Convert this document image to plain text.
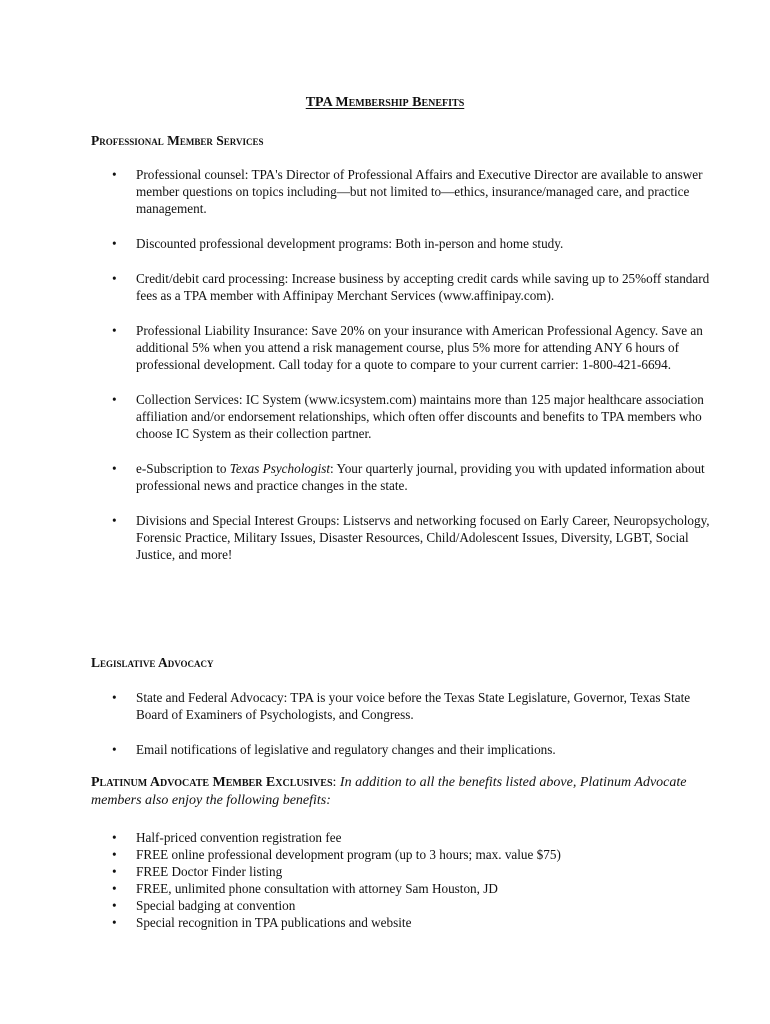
TPA Membership Benefits
Professional Member Services
• Professional counsel: TPA's Director of Professional Affairs and Executive Director are available to answer member questions on topics including—but not limited to—ethics, insurance/managed care, and practice management.
• Discounted professional development programs: Both in-person and home study.
• Credit/debit card processing: Increase business by accepting credit cards while saving up to 25%off standard fees as a TPA member with Affinipay Merchant Services (www.affinipay.com).
• Professional Liability Insurance: Save 20% on your insurance with American Professional Agency. Save an additional 5% when you attend a risk management course, plus 5% more for attending ANY 6 hours of professional development. Call today for a quote to compare to your current carrier: 1-800-421-6694.
• Collection Services: IC System (www.icsystem.com) maintains more than 125 major healthcare association affiliation and/or endorsement relationships, which often offer discounts and benefits to TPA members who choose IC System as their collection partner.
• e-Subscription to Texas Psychologist: Your quarterly journal, providing you with updated information about professional news and practice changes in the state.
• Divisions and Special Interest Groups: Listservs and networking focused on Early Career, Neuropsychology, Forensic Practice, Military Issues, Disaster Resources, Child/Adolescent Issues, Diversity, LGBT, Social Justice, and more!
Legislative Advocacy
• State and Federal Advocacy: TPA is your voice before the Texas State Legislature, Governor, Texas State Board of Examiners of Psychologists, and Congress.
• Email notifications of legislative and regulatory changes and their implications.
Platinum Advocate Member Exclusives: In addition to all the benefits listed above, Platinum Advocate members also enjoy the following benefits:
• Half-priced convention registration fee
• FREE online professional development program (up to 3 hours; max. value $75)
• FREE Doctor Finder listing
• FREE, unlimited phone consultation with attorney Sam Houston, JD
• Special badging at convention
• Special recognition in TPA publications and website
